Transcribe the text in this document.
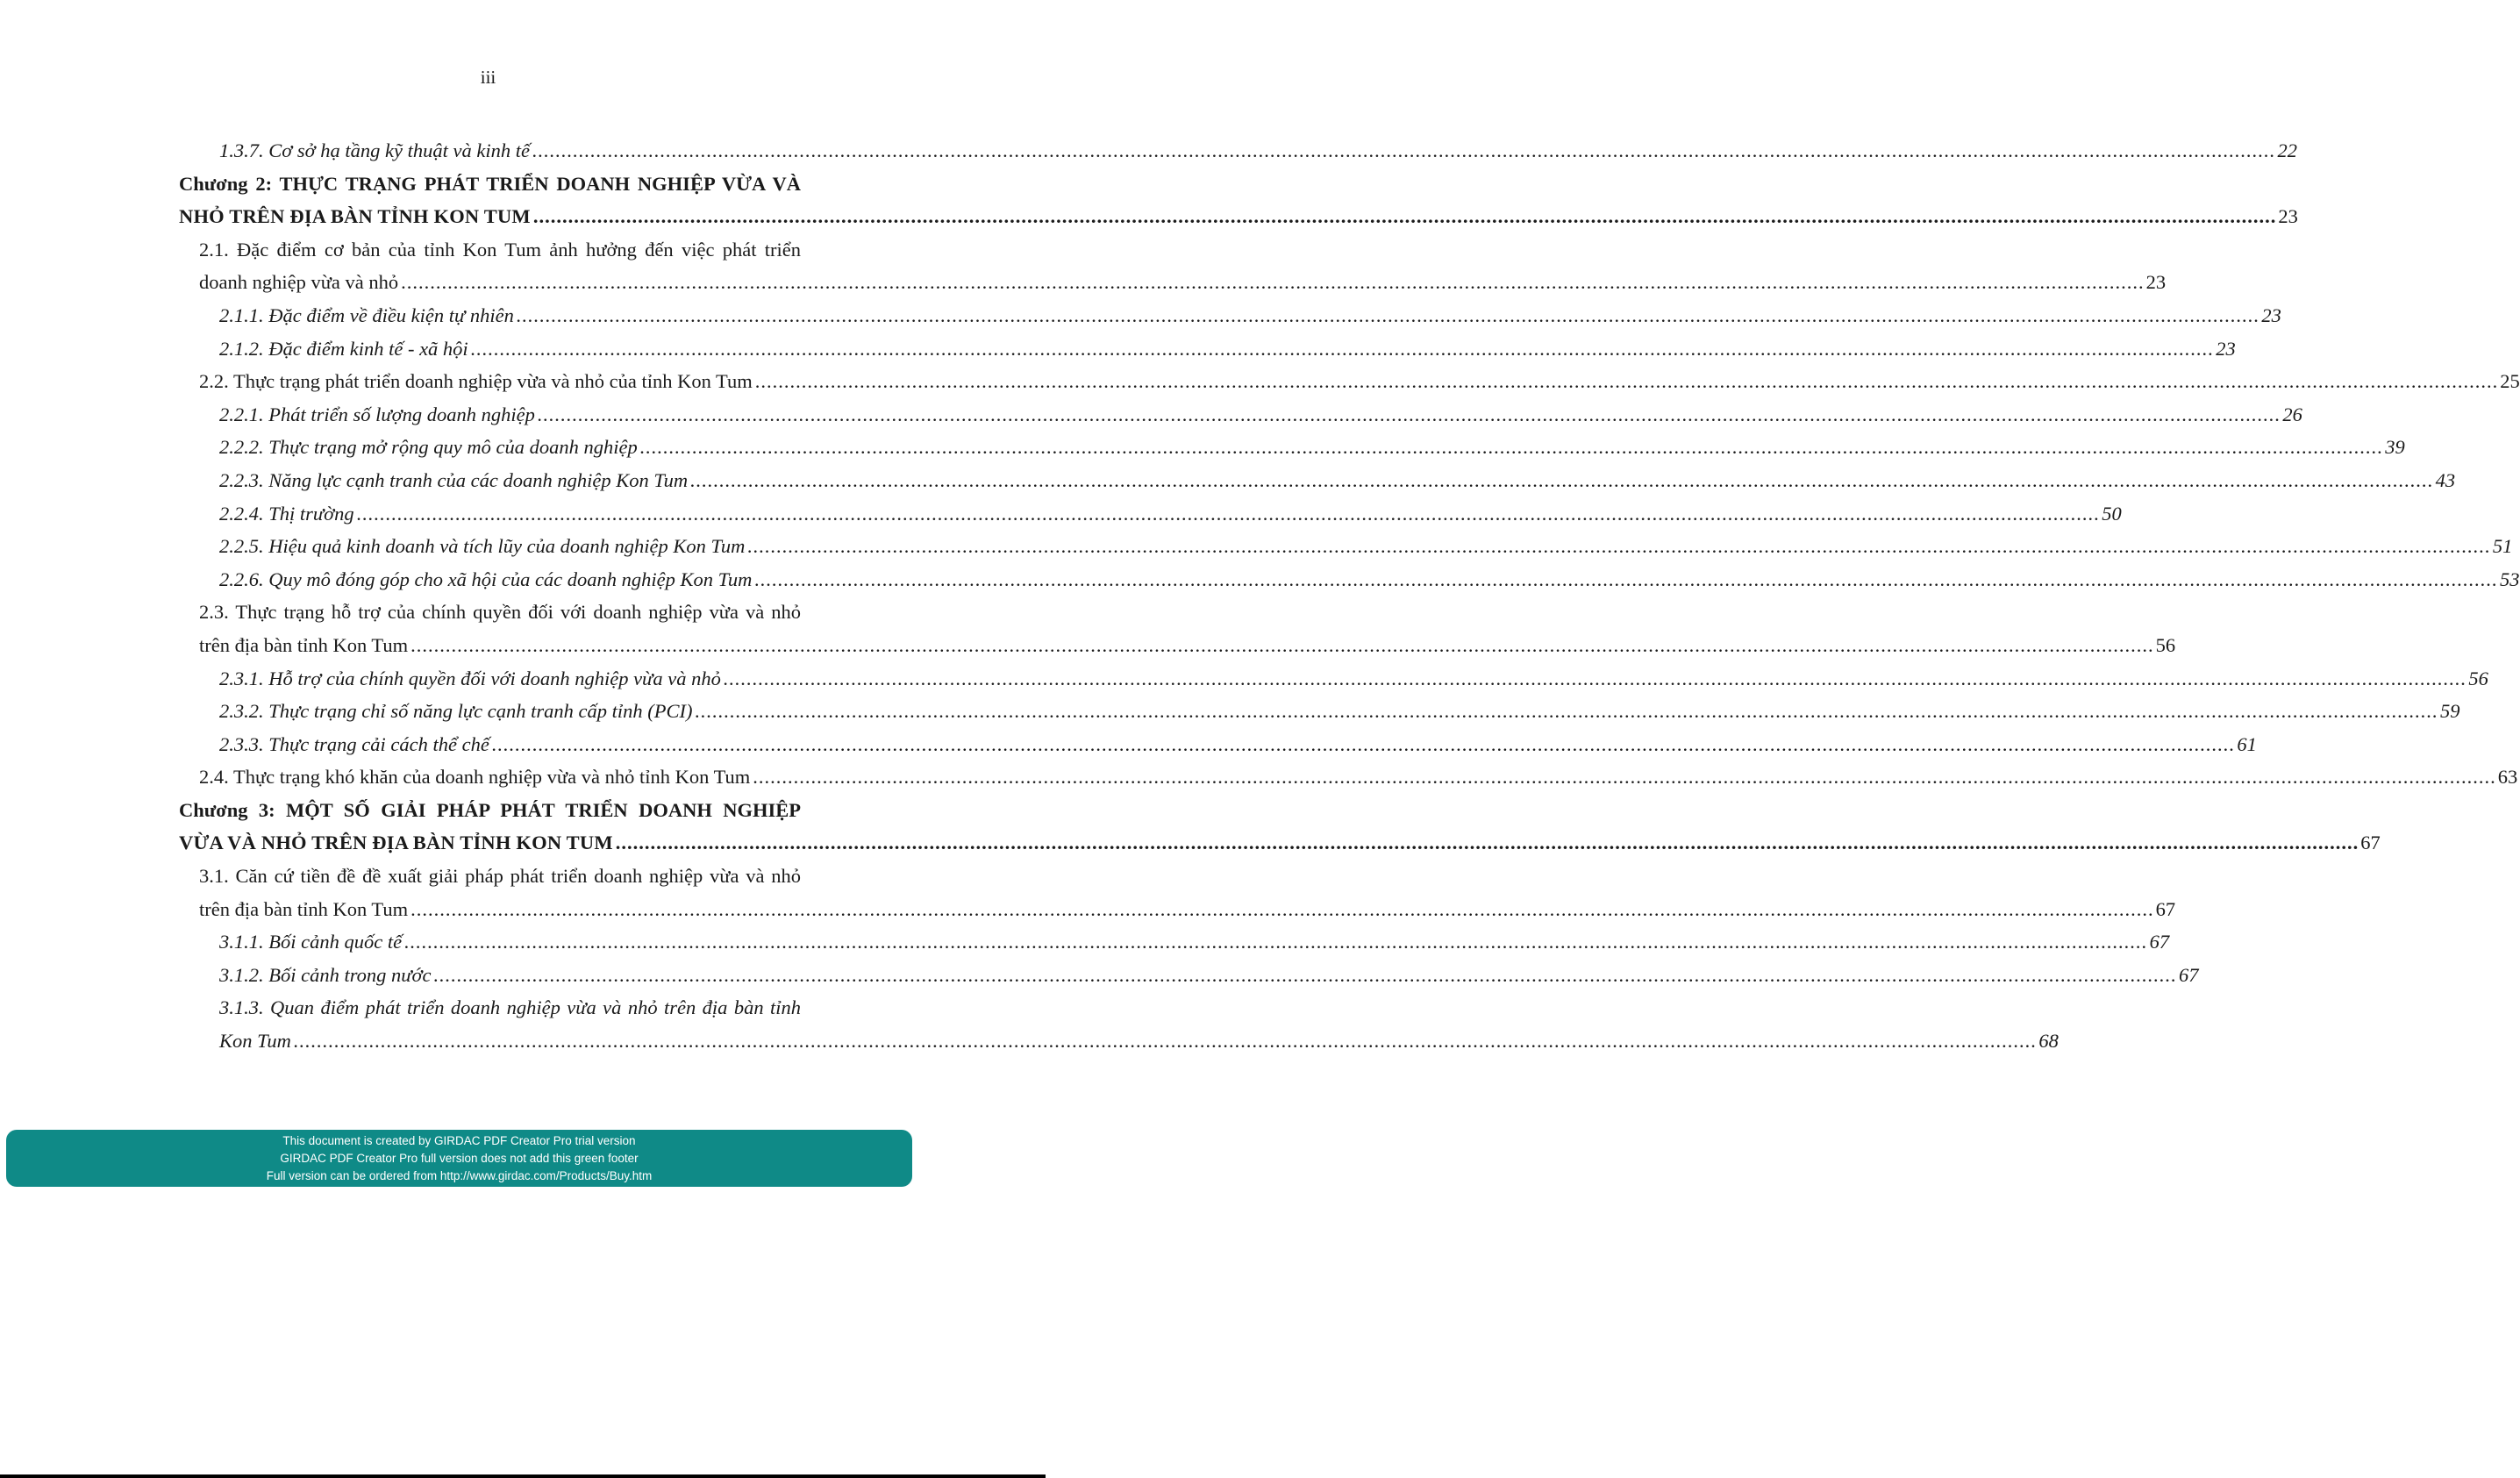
iii
1.3.7. Cơ sở hạ tầng kỹ thuật và kinh tế ............................................................................................................................................................................................................................................................................................................ 22
Chương 2: THỰC TRẠNG PHÁT TRIỂN DOANH NGHIỆP VỪA VÀ
NHỎ TRÊN ĐỊA BÀN TỈNH KON TUM ............................................................................................................................................................................................................................................................................................................ 23
2.1. Đặc điểm cơ bản của tỉnh Kon Tum ảnh hưởng đến việc phát triển
doanh nghiệp vừa và nhỏ ............................................................................................................................................................................................................................................................................................................ 23
2.1.1. Đặc điểm về điều kiện tự nhiên ............................................................................................................................................................................................................................................................................................................ 23
2.1.2. Đặc điểm kinh tế - xã hội ............................................................................................................................................................................................................................................................................................................ 23
2.2. Thực trạng phát triển doanh nghiệp vừa và nhỏ của tỉnh Kon Tum ............................................................................................................................................................................................................................................................................................................ 25
2.2.1. Phát triển số lượng doanh nghiệp ............................................................................................................................................................................................................................................................................................................ 26
2.2.2. Thực trạng mở rộng quy mô của doanh nghiệp ............................................................................................................................................................................................................................................................................................................ 39
2.2.3. Năng lực cạnh tranh của các doanh nghiệp Kon Tum ............................................................................................................................................................................................................................................................................................................ 43
2.2.4. Thị trường ............................................................................................................................................................................................................................................................................................................ 50
2.2.5. Hiệu quả kinh doanh và tích lũy của doanh nghiệp Kon Tum ............................................................................................................................................................................................................................................................................................................ 51
2.2.6. Quy mô đóng góp cho xã hội của các doanh nghiệp Kon Tum ............................................................................................................................................................................................................................................................................................................ 53
2.3. Thực trạng hỗ trợ của chính quyền đối với doanh nghiệp vừa và nhỏ
trên địa bàn tỉnh Kon Tum ............................................................................................................................................................................................................................................................................................................ 56
2.3.1. Hỗ trợ của chính quyền đối với doanh nghiệp vừa và nhỏ ............................................................................................................................................................................................................................................................................................................ 56
2.3.2. Thực trạng chỉ số năng lực cạnh tranh cấp tỉnh (PCI) ............................................................................................................................................................................................................................................................................................................ 59
2.3.3. Thực trạng cải cách thể chế ............................................................................................................................................................................................................................................................................................................ 61
2.4. Thực trạng khó khăn của doanh nghiệp vừa và nhỏ tỉnh Kon Tum ............................................................................................................................................................................................................................................................................................................ 63
Chương 3: MỘT SỐ GIẢI PHÁP PHÁT TRIỂN DOANH NGHIỆP
VỪA VÀ NHỎ TRÊN ĐỊA BÀN TỈNH KON TUM ............................................................................................................................................................................................................................................................................................................ 67
3.1. Căn cứ tiền đề đề xuất giải pháp phát triển doanh nghiệp vừa và nhỏ
trên địa bàn tỉnh Kon Tum ............................................................................................................................................................................................................................................................................................................ 67
3.1.1. Bối cảnh quốc tế ............................................................................................................................................................................................................................................................................................................ 67
3.1.2. Bối cảnh trong nước ............................................................................................................................................................................................................................................................................................................ 67
3.1.3. Quan điểm phát triển doanh nghiệp vừa và nhỏ trên địa bàn tỉnh
Kon Tum ............................................................................................................................................................................................................................................................................................................ 68
This document is created by GIRDAC PDF Creator Pro trial version
GIRDAC PDF Creator Pro full version does not add this green footer
Full version can be ordered from http://www.girdac.com/Products/Buy.htm
